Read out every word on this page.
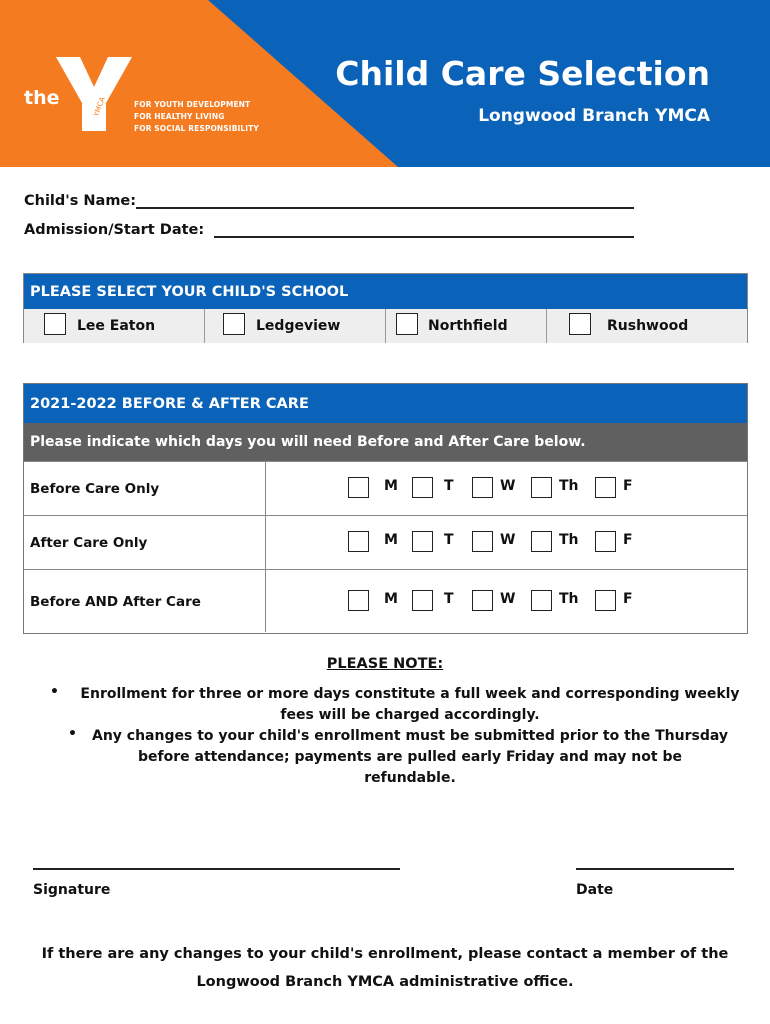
the	YMCA	FOR YOUTH DEVELOPMENT
FOR HEALTHY LIVING
FOR SOCIAL RESPONSIBILITY
Child Care Selection
Longwood Branch YMCA
Child's Name:
Admission/Start Date:
PLEASE SELECT YOUR CHILD'S SCHOOL
Lee Eaton	Ledgeview	Northfield	Rushwood
2021-2022 BEFORE & AFTER CARE
Please indicate which days you will need Before and After Care below.
Before Care Only	M	T	W	Th	F
After Care Only	M	T	W	Th	F
Before AND After Care	M	T	W	Th	F
PLEASE NOTE:
•	Enrollment for three or more days constitute a full week and corresponding weekly fees will be charged accordingly.
• Any changes to your child's enrollment must be submitted prior to the Thursday before attendance; payments are pulled early Friday and may not be refundable.
Signature	Date
If there are any changes to your child's enrollment, please contact a member of the
Longwood Branch YMCA administrative office.
